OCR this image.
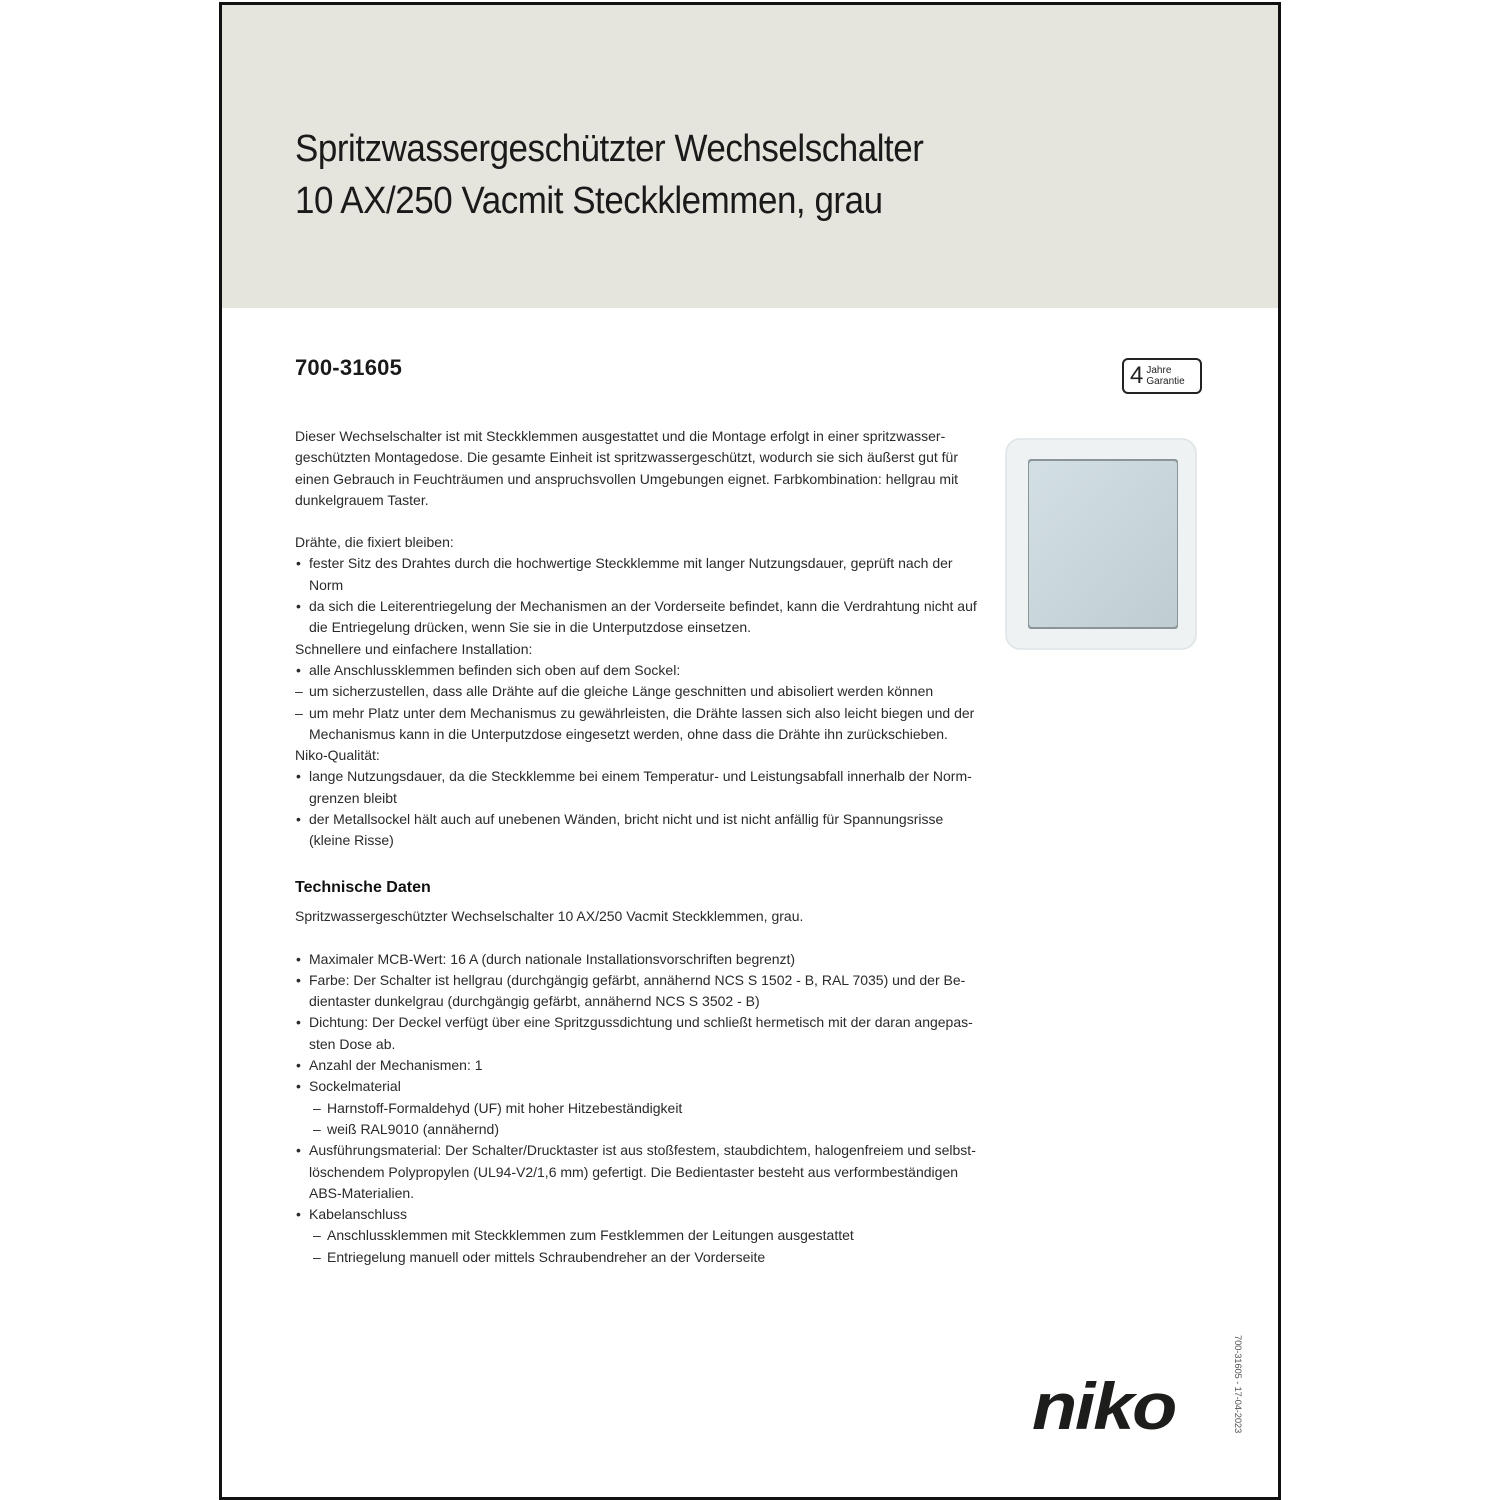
Spritzwassergeschützter Wechselschalter
10 AX/250 Vacmit Steckklemmen, grau
700-31605	4 Jahre
Garantie

Dieser Wechselschalter ist mit Steckklemmen ausgestattet und die Montage erfolgt in einer spritzwasser-geschützten Montagedose. Die gesamte Einheit ist spritzwassergeschützt, wodurch sie sich äußerst gut für einen Gebrauch in Feuchträumen und anspruchsvollen Umgebungen eignet. Farbkombination: hellgrau mit dunkelgrauem Taster.

Drähte, die fixiert bleiben:

• fester Sitz des Drahtes durch die hochwertige Steckklemme mit langer Nutzungsdauer, geprüft nach der Norm
• da sich die Leiterentriegelung der Mechanismen an der Vorderseite befindet, kann die Verdrahtung nicht auf die Entriegelung drücken, wenn Sie sie in die Unterputzdose einsetzen.

Schnellere und einfachere Installation:

• alle Anschlussklemmen befinden sich oben auf dem Sockel:
– um sicherzustellen, dass alle Drähte auf die gleiche Länge geschnitten und abisoliert werden können
– um mehr Platz unter dem Mechanismus zu gewährleisten, die Drähte lassen sich also leicht biegen und der Mechanismus kann in die Unterputzdose eingesetzt werden, ohne dass die Drähte ihn zurückschieben.

Niko-Qualität:

• lange Nutzungsdauer, da die Steckklemme bei einem Temperatur- und Leistungsabfall innerhalb der Norm-grenzen bleibt
• der Metallsockel hält auch auf unebenen Wänden, bricht nicht und ist nicht anfällig für Spannungsrisse (kleine Risse)
Technische Daten

Spritzwassergeschützter Wechselschalter 10 AX/250 Vacmit Steckklemmen, grau.

• Maximaler MCB-Wert: 16 A (durch nationale Installationsvorschriften begrenzt)
• Farbe: Der Schalter ist hellgrau (durchgängig gefärbt, annähernd NCS S 1502 - B, RAL 7035) und der Be-dientaster dunkelgrau (durchgängig gefärbt, annähernd NCS S 3502 - B)
• Dichtung: Der Deckel verfügt über eine Spritzgussdichtung und schließt hermetisch mit der daran angepas-sten Dose ab.
• Anzahl der Mechanismen: 1
• Sockelmaterial
– Harnstoff-Formaldehyd (UF) mit hoher Hitzebeständigkeit
– weiß RAL9010 (annähernd)
• Ausführungsmaterial: Der Schalter/Drucktaster ist aus stoßfestem, staubdichtem, halogenfreiem und selbst-löschendem Polypropylen (UL94-V2/1,6 mm) gefertigt. Die Bedientaster besteht aus verformbeständigen ABS-Materialien.
• Kabelanschluss
– Anschlussklemmen mit Steckklemmen zum Festklemmen der Leitungen ausgestattet
– Entriegelung manuell oder mittels Schraubendreher an der Vorderseite
700-31605 - 17-04-2023
niko
